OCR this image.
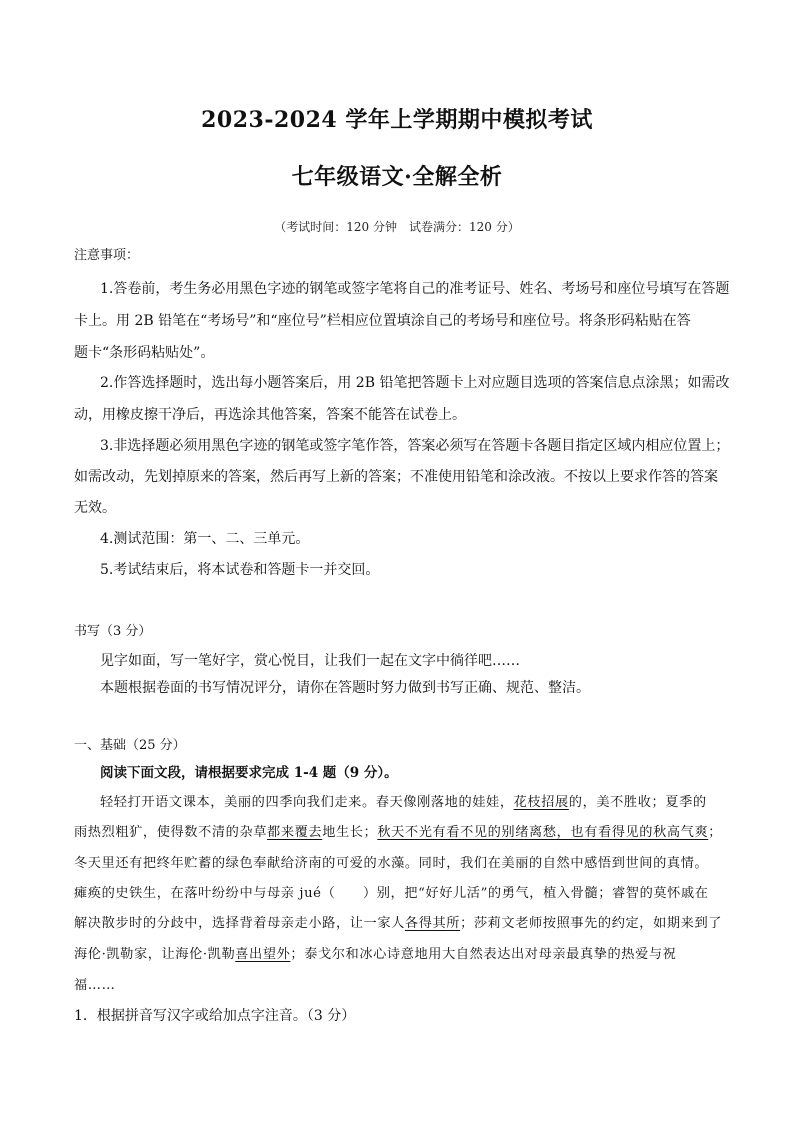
2023-2024 学年上学期期中模拟考试
七年级语文·全解全析
（考试时间：120 分钟　试卷满分：120 分）
注意事项：
1.答卷前，考生务必用黑色字迹的钢笔或签字笔将自己的准考证号、姓名、考场号和座位号填写在答题
卡上。用 2B 铅笔在“考场号”和“座位号”栏相应位置填涂自己的考场号和座位号。将条形码粘贴在答
题卡“条形码粘贴处”。
2.作答选择题时，选出每小题答案后，用 2B 铅笔把答题卡上对应题目选项的答案信息点涂黑；如需改
动，用橡皮擦干净后，再选涂其他答案，答案不能答在试卷上。
3.非选择题必须用黑色字迹的钢笔或签字笔作答，答案必须写在答题卡各题目指定区域内相应位置上；
如需改动，先划掉原来的答案，然后再写上新的答案；不准使用铅笔和涂改液。不按以上要求作答的答案
无效。
4.测试范围：第一、二、三单元。
5.考试结束后，将本试卷和答题卡一并交回。
书写（3 分）
见字如面，写一笔好字，赏心悦目，让我们一起在文字中徜徉吧……
本题根据卷面的书写情况评分，请你在答题时努力做到书写正确、规范、整洁。
一、基础（25 分）
阅读下面文段，请根据要求完成 1-4 题（9 分）。
轻轻打开语文课本，美丽的四季向我们走来。春天像刚落地的娃娃，花枝招展的，美不胜收；夏季的
雨热烈粗犷，使得数不清的杂草都来覆去地生长；秋天不光有看不见的别绪离愁，也有看得见的秋高气爽；
冬天里还有把终年贮蓄的绿色奉献给济南的可爱的水藻。同时，我们在美丽的自然中感悟到世间的真情。
瘫痪的史铁生，在落叶纷纷中与母亲 jué（　　）别，把“好好儿活”的勇气，植入骨髓；睿智的莫怀戚在
解决散步时的分歧中，选择背着母亲走小路，让一家人各得其所；莎莉文老师按照事先的约定，如期来到了
海伦·凯勒家，让海伦·凯勒喜出望外；泰戈尔和冰心诗意地用大自然表达出对母亲最真挚的热爱与祝
福……
1．根据拼音写汉字或给加点字注音。（3 分）
